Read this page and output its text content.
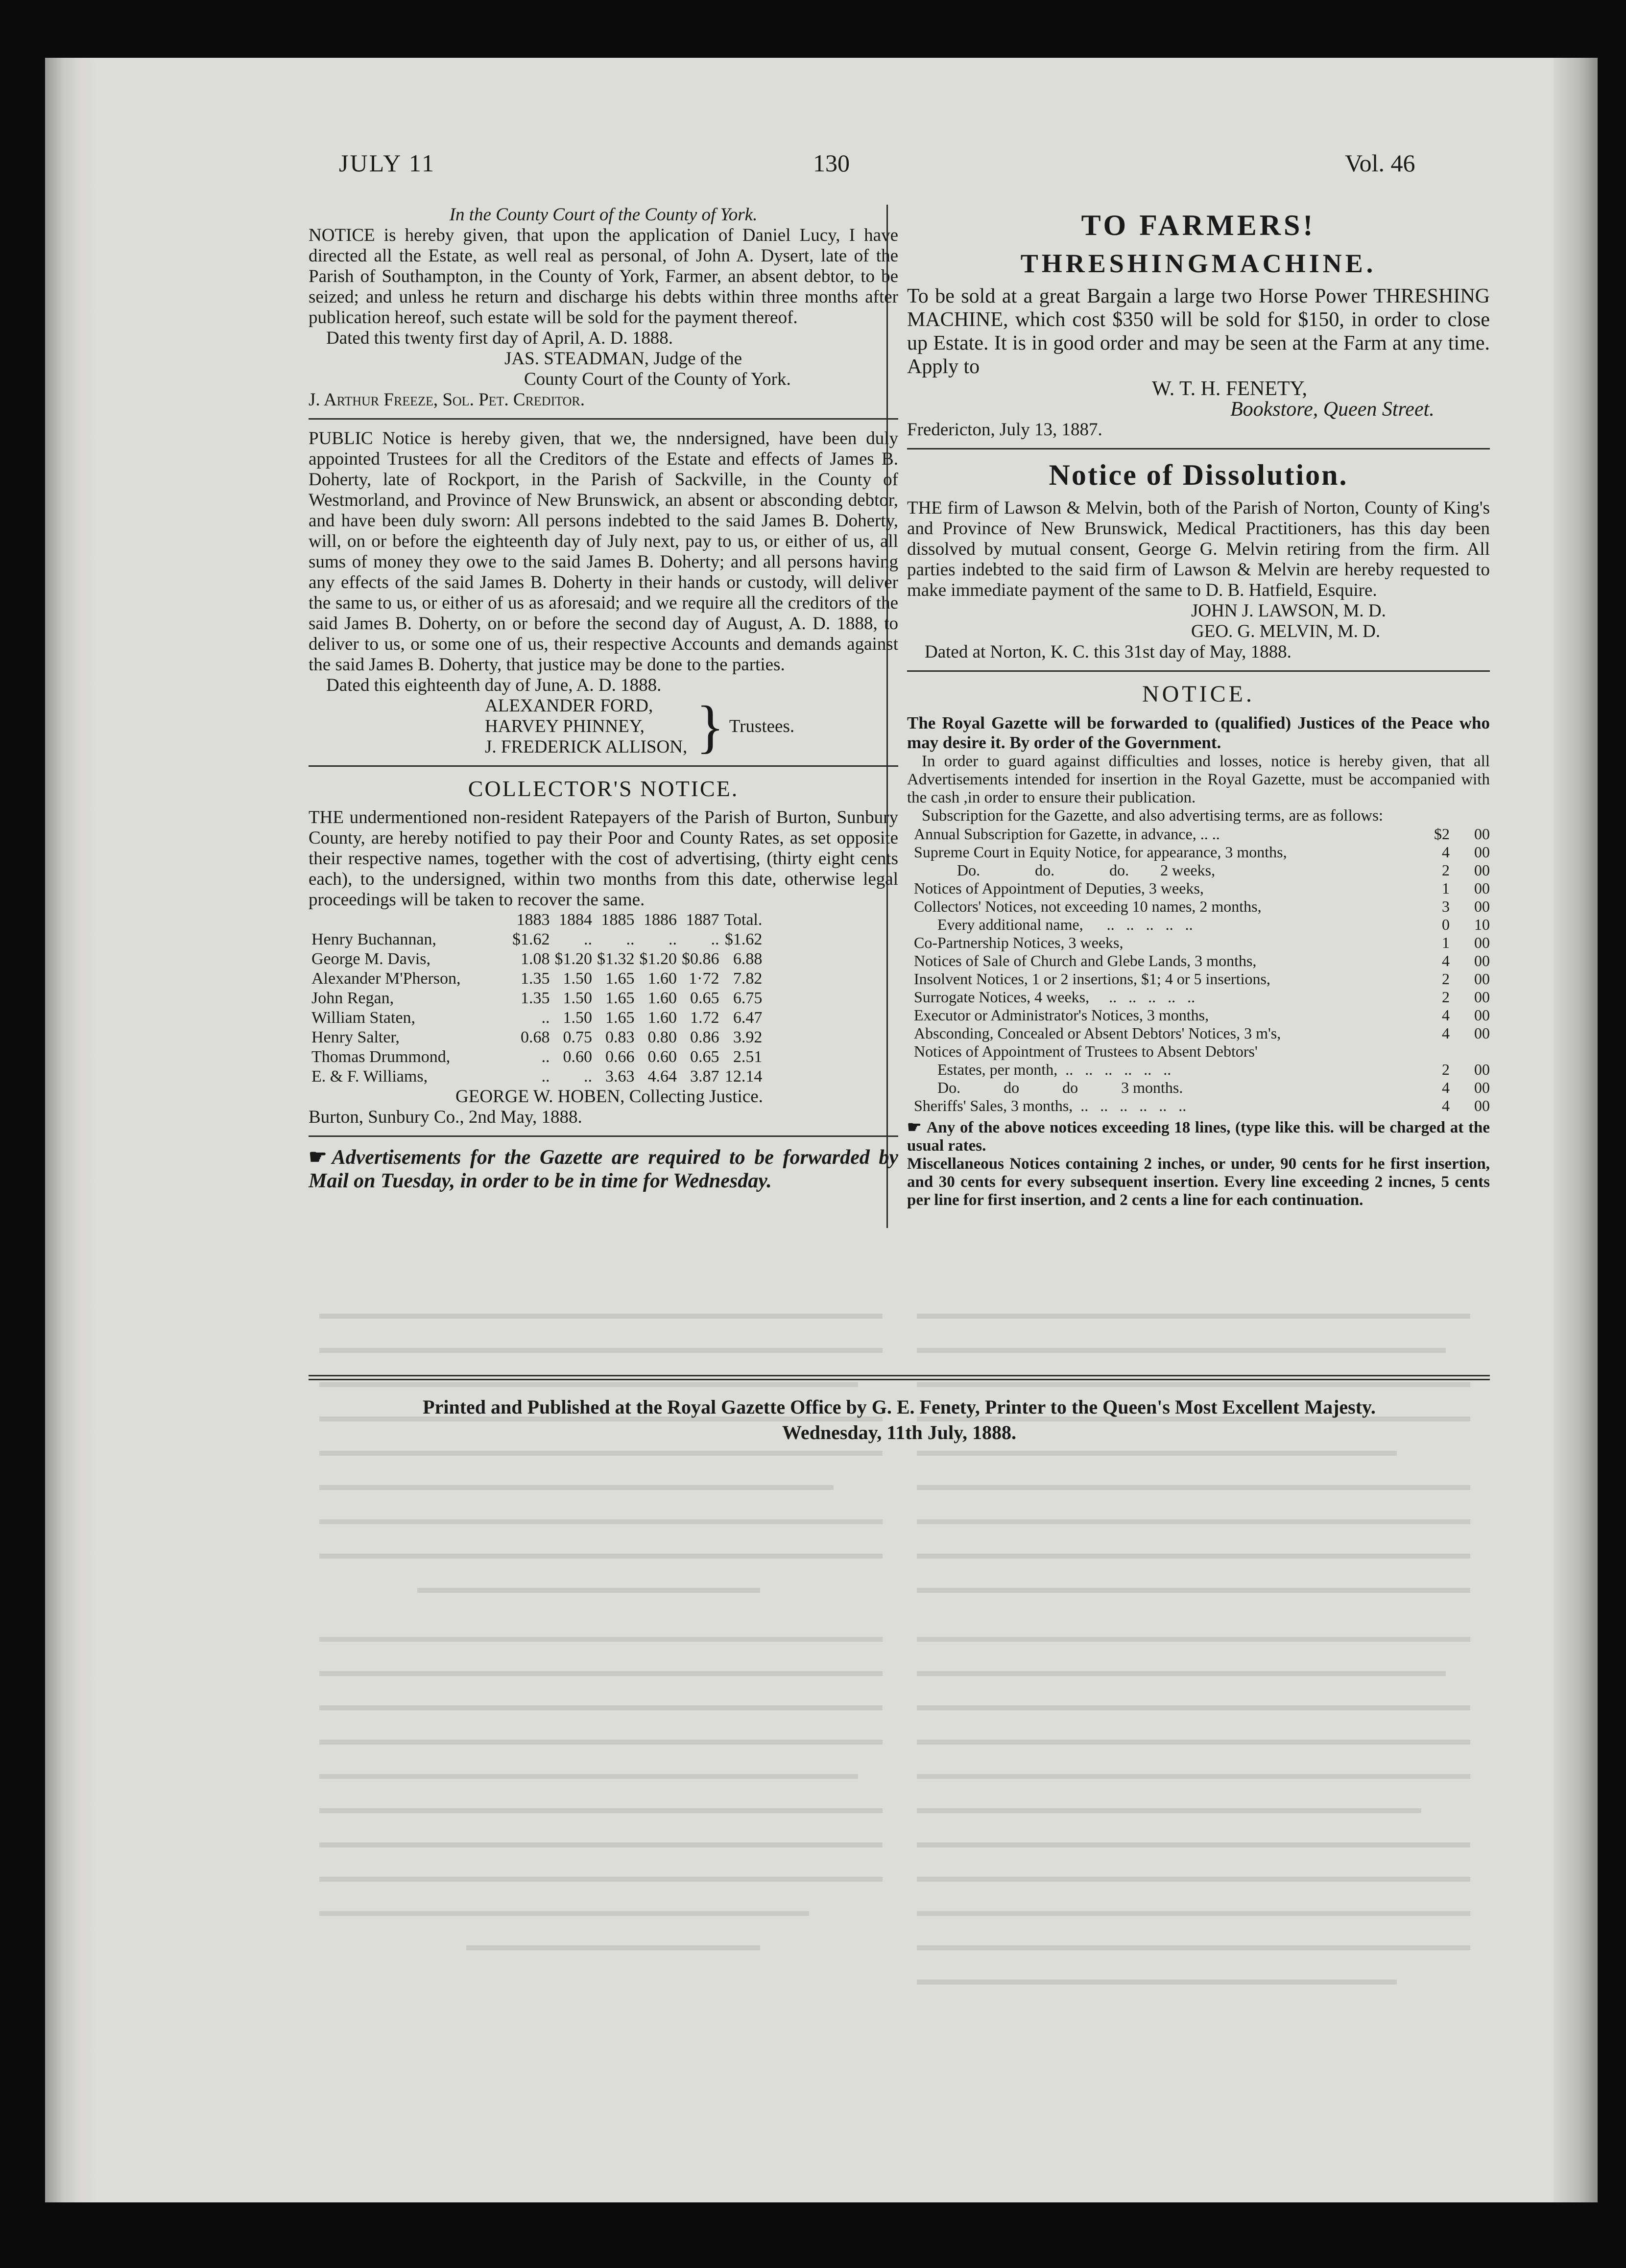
JULY 11	130	Vol. 46

In the County Court of the County of York.

NOTICE is hereby given, that upon the application of Daniel Lucy, I have directed all the Estate, as well real as personal, of John A. Dysert, late of the Parish of Southampton, in the County of York, Farmer, an absent debtor, to be seized; and unless he return and discharge his debts within three months after publication hereof, such estate will be sold for the payment thereof.

Dated this twenty first day of April, A. D. 1888.

JAS. STEADMAN, Judge of the

County Court of the County of York.

J. Arthur Freeze, Sol. Pet. Creditor.

PUBLIC Notice is hereby given, that we, the nndersigned, have been duly appointed Trustees for all the Creditors of the Estate and effects of James B. Doherty, late of Rockport, in the Parish of Sackville, in the County of Westmorland, and Province of New Brunswick, an absent or absconding debtor, and have been duly sworn: All persons indebted to the said James B. Doherty, will, on or before the eighteenth day of July next, pay to us, or either of us, all sums of money they owe to the said James B. Doherty; and all persons having any effects of the said James B. Doherty in their hands or custody, will deliver the same to us, or either of us as aforesaid; and we require all the creditors of the said James B. Doherty, on or before the second day of August, A. D. 1888, to deliver to us, or some one of us, their respective Accounts and demands against the said James B. Doherty, that justice may be done to the parties.

Dated this eighteenth day of June, A. D. 1888.

ALEXANDER FORD,

HARVEY PHINNEY,

J. FREDERICK ALLISON, } Trustees.
COLLECTOR'S NOTICE.

THE undermentioned non-resident Ratepayers of the Parish of Burton, Sunbury County, are hereby notified to pay their Poor and County Rates, as set opposite their respective names, together with the cost of advertising, (thirty eight cents each), to the undersigned, within two months from this date, otherwise legal proceedings will be taken to recover the same.

	1883	1884	1885	1886	1887	Total.
Henry Buchannan,	$1.62	..	..	..	..	$1.62
George M. Davis,	1.08	$1.20	$1.32	$1.20	$0.86	6.88
Alexander M'Pherson,	1.35	1.50	1.65	1.60	1·72	7.82
John Regan,	1.35	1.50	1.65	1.60	0.65	6.75
William Staten,	..	1.50	1.65	1.60	1.72	6.47
Henry Salter,	0.68	0.75	0.83	0.80	0.86	3.92
Thomas Drummond,	..	0.60	0.66	0.60	0.65	2.51
E. & F. Williams,	..	..	3.63	4.64	3.87	12.14

GEORGE W. HOBEN, Collecting Justice.

Burton, Sunbury Co., 2nd May, 1888.

☛ Advertisements for the Gazette are required to be forwarded by Mail on Tuesday, in order to be in time for Wednesday.

TO FARMERS!
THRESHINGMACHINE.

To be sold at a great Bargain a large two Horse Power THRESHING MACHINE, which cost $350 will be sold for $150, in order to close up Estate. It is in good order and may be seen at the Farm at any time. Apply to

W. T. H. FENETY,

Bookstore, Queen Street.

Fredericton, July 13, 1887.

Notice of Dissolution.

THE firm of Lawson & Melvin, both of the Parish of Norton, County of King's and Province of New Brunswick, Medical Practitioners, has this day been dissolved by mutual consent, George G. Melvin retiring from the firm. All parties indebted to the said firm of Lawson & Melvin are hereby requested to make immediate payment of the same to D. B. Hatfield, Esquire.

JOHN J. LAWSON, M. D.

GEO. G. MELVIN, M. D.

Dated at Norton, K. C. this 31st day of May, 1888.

NOTICE.

The Royal Gazette will be forwarded to (qualified) Justices of the Peace who may desire it. By order of the Government.

In order to guard against difficulties and losses, notice is hereby given, that all Advertisements intended for insertion in the Royal Gazette, must be accompanied with the cash ,in order to ensure their publication.

Subscription for the Gazette, and also advertising terms, are as follows:

Annual Subscription for Gazette, in advance, .. ..	$2	00
Supreme Court in Equity Notice, for appearance, 3 months,	4	00
Do.              do.              do.        2 weeks,	2	00
Notices of Appointment of Deputies, 3 weeks,	1	00
Collectors' Notices, not exceeding 10 names, 2 months,	3	00
Every additional name,      ..   ..   ..   ..   ..	0	10
Co-Partnership Notices, 3 weeks,	1	00
Notices of Sale of Church and Glebe Lands, 3 months,	4	00
Insolvent Notices, 1 or 2 insertions, $1; 4 or 5 insertions,	2	00
Surrogate Notices, 4 weeks,     ..   ..   ..   ..   ..	2	00
Executor or Administrator's Notices, 3 months,	4	00
Absconding, Concealed or Absent Debtors' Notices, 3 m's,	4	00
Notices of Appointment of Trustees to Absent Debtors'		
Estates, per month,  ..   ..   ..   ..   ..   ..	2	00
Do.           do           do           3 months.	4	00
Sheriffs' Sales, 3 months,  ..   ..   ..   ..   ..   ..	4	00

☛ Any of the above notices exceeding 18 lines, (type like this. will be charged at the usual rates.

Miscellaneous Notices containing 2 inches, or under, 90 cents for he first insertion, and 30 cents for every subsequent insertion. Every line exceeding 2 incnes, 5 cents per line for first insertion, and 2 cents a line for each continuation.

Printed and Published at the Royal Gazette Office by G. E. Fenety, Printer to the Queen's Most Excellent Majesty.
Wednesday, 11th July, 1888.
